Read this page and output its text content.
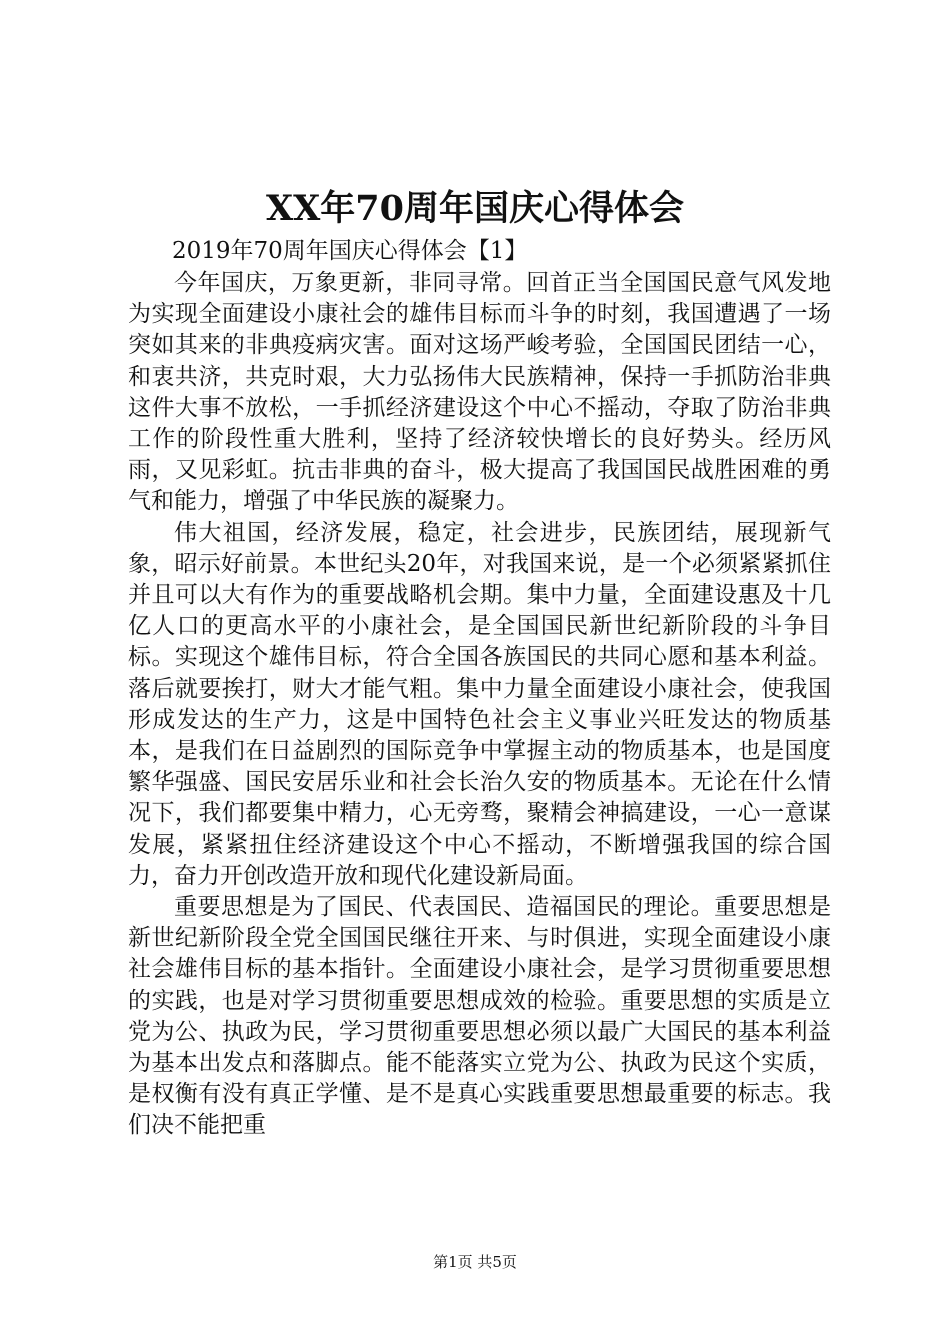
XX年70周年国庆心得体会
2019年70周年国庆心得体会【1】

今年国庆，万象更新，非同寻常。回首正当全国国民意气风发地为实现全面建设小康社会的雄伟目标而斗争的时刻，我国遭遇了一场突如其来的非典疫病灾害。面对这场严峻考验，全国国民团结一心，和衷共济，共克时艰，大力弘扬伟大民族精神，保持一手抓防治非典这件大事不放松，一手抓经济建设这个中心不摇动，夺取了防治非典工作的阶段性重大胜利，坚持了经济较快增长的良好势头。经历风雨，又见彩虹。抗击非典的奋斗，极大提高了我国国民战胜困难的勇气和能力，增强了中华民族的凝聚力。

伟大祖国，经济发展，稳定，社会进步，民族团结，展现新气象，昭示好前景。本世纪头20年，对我国来说，是一个必须紧紧抓住并且可以大有作为的重要战略机会期。集中力量，全面建设惠及十几亿人口的更高水平的小康社会，是全国国民新世纪新阶段的斗争目标。实现这个雄伟目标，符合全国各族国民的共同心愿和基本利益。落后就要挨打，财大才能气粗。集中力量全面建设小康社会，使我国形成发达的生产力，这是中国特色社会主义事业兴旺发达的物质基本，是我们在日益剧烈的国际竞争中掌握主动的物质基本，也是国度繁华强盛、国民安居乐业和社会长治久安的物质基本。无论在什么情况下，我们都要集中精力，心无旁骛，聚精会神搞建设，一心一意谋发展，紧紧扭住经济建设这个中心不摇动，不断增强我国的综合国力，奋力开创改造开放和现代化建设新局面。

重要思想是为了国民、代表国民、造福国民的理论。重要思想是新世纪新阶段全党全国国民继往开来、与时俱进，实现全面建设小康社会雄伟目标的基本指针。全面建设小康社会，是学习贯彻重要思想的实践，也是对学习贯彻重要思想成效的检验。重要思想的实质是立党为公、执政为民，学习贯彻重要思想必须以最广大国民的基本利益为基本出发点和落脚点。能不能落实立党为公、执政为民这个实质，是权衡有没有真正学懂、是不是真心实践重要思想最重要的标志。我们决不能把重

第1页 共5页
